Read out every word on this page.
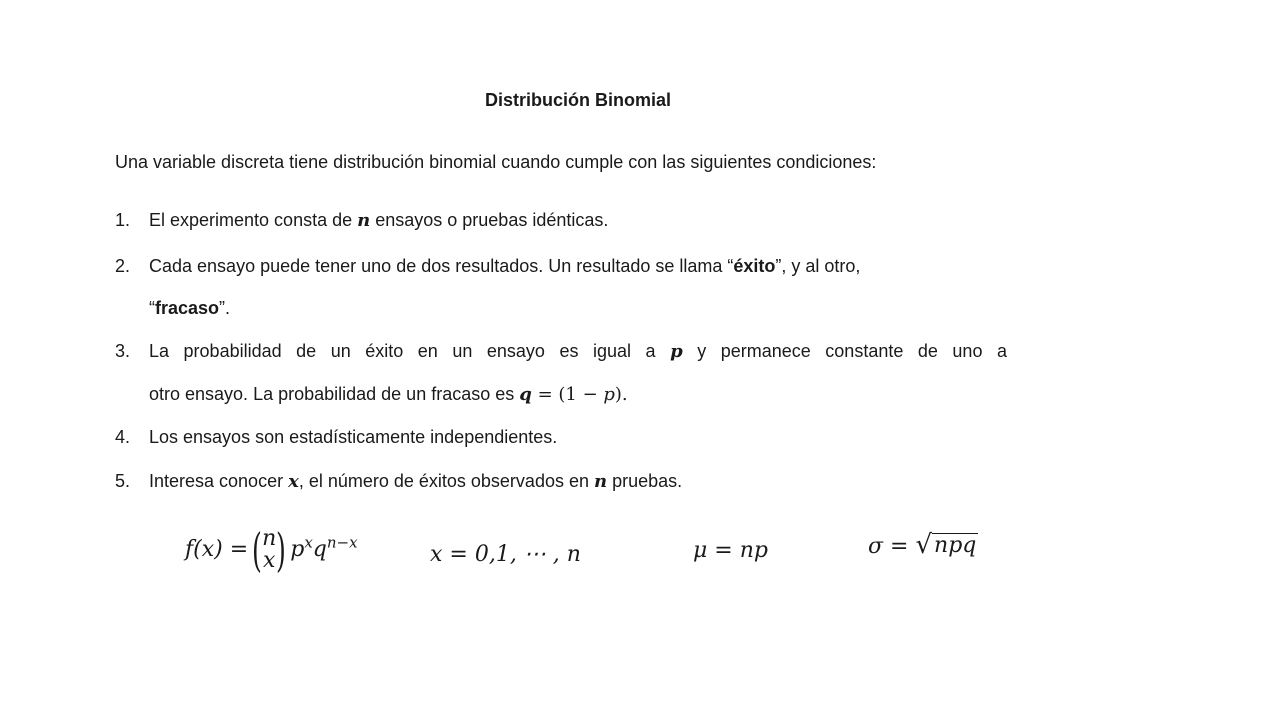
Distribución Binomial
Una variable discreta tiene distribución binomial cuando cumple con las siguientes condiciones:
1.	El experimento consta de n ensayos o pruebas idénticas.
2.	Cada ensayo puede tener uno de dos resultados. Un resultado se llama “éxito”, y al otro,
“fracaso”.
3.	La probabilidad de un éxito en un ensayo es igual a p y permanece constante de uno a
otro ensayo. La probabilidad de un fracaso es q = (1 − p).
4.	Los ensayos son estadísticamente independientes.
5.	Interesa conocer x, el número de éxitos observados en n pruebas.
f(x) =( n
x ) $p^xq^{n-x}$	x = 0,1, ⋯ , n	μ = np	σ = √ npq
